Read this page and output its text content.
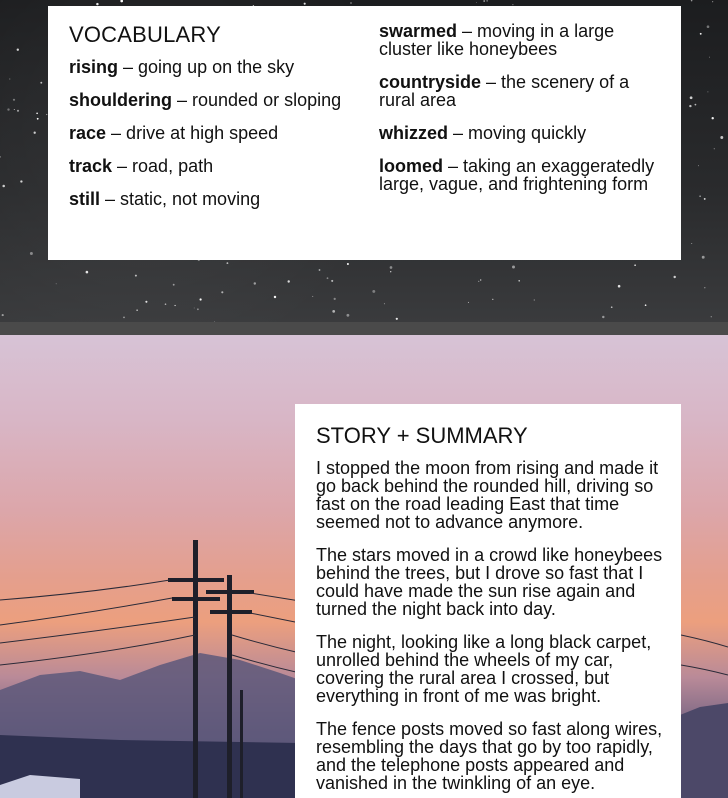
VOCABULARY
rising – going up on the sky
shouldering – rounded or sloping
race – drive at high speed
track – road, path
still – static, not moving
swarmed – moving in a large cluster like honeybees
countryside – the scenery of a rural area
whizzed – moving quickly
loomed – taking an exaggeratedly large, vague, and frightening form
STORY + SUMMARY

I stopped the moon from rising and made it go back behind the rounded hill, driving so fast on the road leading East that time seemed not to advance anymore.

The stars moved in a crowd like honeybees behind the trees, but I drove so fast that I could have made the sun rise again and turned the night back into day.

The night, looking like a long black carpet, unrolled behind the wheels of my car, covering the rural area I crossed, but everything in front of me was bright.

The fence posts moved so fast along wires, resembling the days that go by too rapidly, and the telephone posts appeared and vanished in the twinkling of an eye.
